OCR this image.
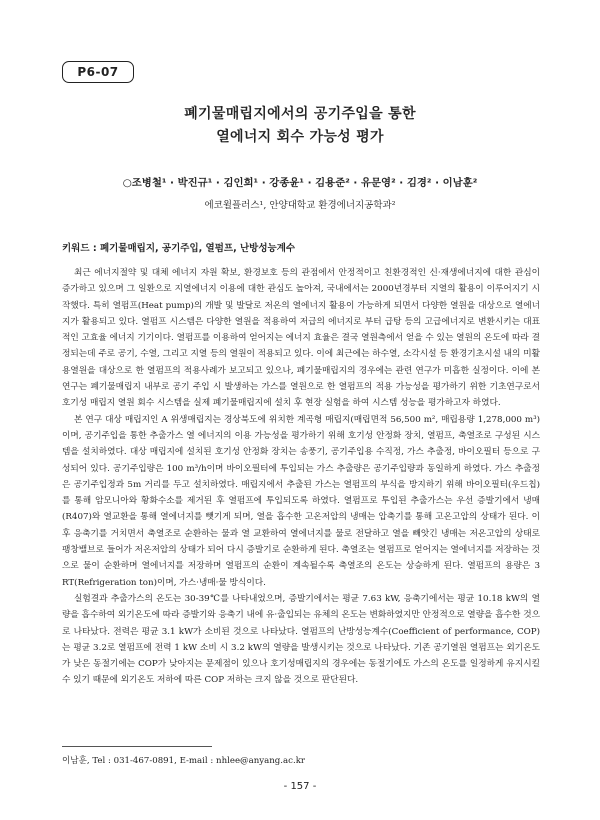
P6-07
폐기물매립지에서의 공기주입을 통한
열에너지 회수 가능성 평가
○조병철¹ · 박진규¹ · 김인희¹ · 강종윤¹ · 김용준² · 유문영² · 김경² · 이남훈²
에코윌플러스¹, 안양대학교 환경에너지공학과²
키워드 : 폐기물매립지, 공기주입, 열펌프, 난방성능계수

최근 에너지절약 및 대체 에너지 자원 확보, 환경보호 등의 관점에서 안정적이고 친환경적인 신·재생에너지에 대한 관심이 증가하고 있으며 그 일환으로 지열에너지 이용에 대한 관심도 높아져, 국내에서는 2000년경부터 지열의 활용이 이루어지기 시작했다. 특히 열펌프(Heat pump)의 개발 및 발달로 저온의 열에너지 활용이 가능하게 되면서 다양한 열원을 대상으로 열에너지가 활용되고 있다. 열펌프 시스템은 다양한 열원을 적용하여 저급의 에너지로 부터 급탕 등의 고급에너지로 변환시키는 대표적인 고효율 에너지 기기이다. 열펌프를 이용하여 얻어지는 에너지 효율은 결국 열원측에서 얻을 수 있는 열원의 온도에 따라 결정되는데 주로 공기, 수열, 그리고 지열 등의 열원이 적용되고 있다. 이에 최근에는 하수열, 소각시설 등 환경기초시설 내의 미활용열원을 대상으로 한 열펌프의 적용사례가 보고되고 있으나, 폐기물매립지의 경우에는 관련 연구가 미흡한 실정이다. 이에 본 연구는 폐기물매립지 내부로 공기 주입 시 발생하는 가스를 열원으로 한 열펌프의 적용 가능성을 평가하기 위한 기초연구로서 호기성 매립지 열원 회수 시스템을 실제 폐기물매립지에 설치 후 현장 실험을 하여 시스템 성능을 평가하고자 하였다.

본 연구 대상 매립지인 A 위생매립지는 경상북도에 위치한 계곡형 매립지(매립면적 56,500 m², 매립용량 1,278,000 m³)이며, 공기주입을 통한 추출가스 열 에너지의 이용 가능성을 평가하기 위해 호기성 안정화 장치, 열펌프, 축열조로 구성된 시스템을 설치하였다. 대상 매립지에 설치된 호기성 안정화 장치는 송풍기, 공기주입용 수직정, 가스 추출정, 바이오필터 등으로 구성되어 있다. 공기주입량은 100 m³/h이며 바이오필터에 투입되는 가스 추출량은 공기주입량과 동일하게 하였다. 가스 추출정은 공기주입정과 5m 거리를 두고 설치하였다. 매립지에서 추출된 가스는 열펌프의 부식을 방지하기 위해 바이오필터(우드칩)를 통해 암모니아와 황화수소를 제거된 후 열펌프에 투입되도록 하였다. 열펌프로 투입된 추출가스는 우선 증발기에서 냉매(R407)와 열교환을 통해 열에너지를 뺏기게 되며, 열을 흡수한 고온저압의 냉매는 압축기를 통해 고온고압의 상태가 된다. 이후 응축기를 거치면서 축열조로 순환하는 물과 열 교환하여 열에너지를 물로 전달하고 열을 빼앗긴 냉매는 저온고압의 상태로 팽창밸브로 들어가 저온저압의 상태가 되어 다시 증발기로 순환하게 된다. 축열조는 열펌프로 얻어지는 열에너지를 저장하는 것으로 물이 순환하며 열에너지를 저장하며 열펌프의 순환이 계속될수록 축열조의 온도는 상승하게 된다. 열펌프의 용량은 3 RT(Refrigeration ton)이며, 가스·냉매·물 방식이다.

실험결과 추출가스의 온도는 30-39℃를 나타내었으며, 증발기에서는 평균 7.63 kW, 응축기에서는 평균 10.18 kW의 열량을 흡수하여 외기온도에 따라 증발기와 응축기 내에 유·출입되는 유체의 온도는 변화하였지만 안정적으로 열량을 흡수한 것으로 나타났다. 전력은 평균 3.1 kW가 소비된 것으로 나타났다. 열펌프의 난방성능계수(Coefficient of performance, COP)는 평균 3.2로 열펌프에 전력 1 kW 소비 시 3.2 kW의 열량을 발생시키는 것으로 나타났다. 기존 공기열원 열펌프는 외기온도가 낮은 동절기에는 COP가 낮아지는 문제점이 있으나 호기성매립지의 경우에는 동절기에도 가스의 온도를 일정하게 유지시킬 수 있기 때문에 외기온도 저하에 따른 COP 저하는 크지 않을 것으로 판단된다.

이남훈, Tel : 031-467-0891, E-mail : nhlee@anyang.ac.kr
- 157 -
